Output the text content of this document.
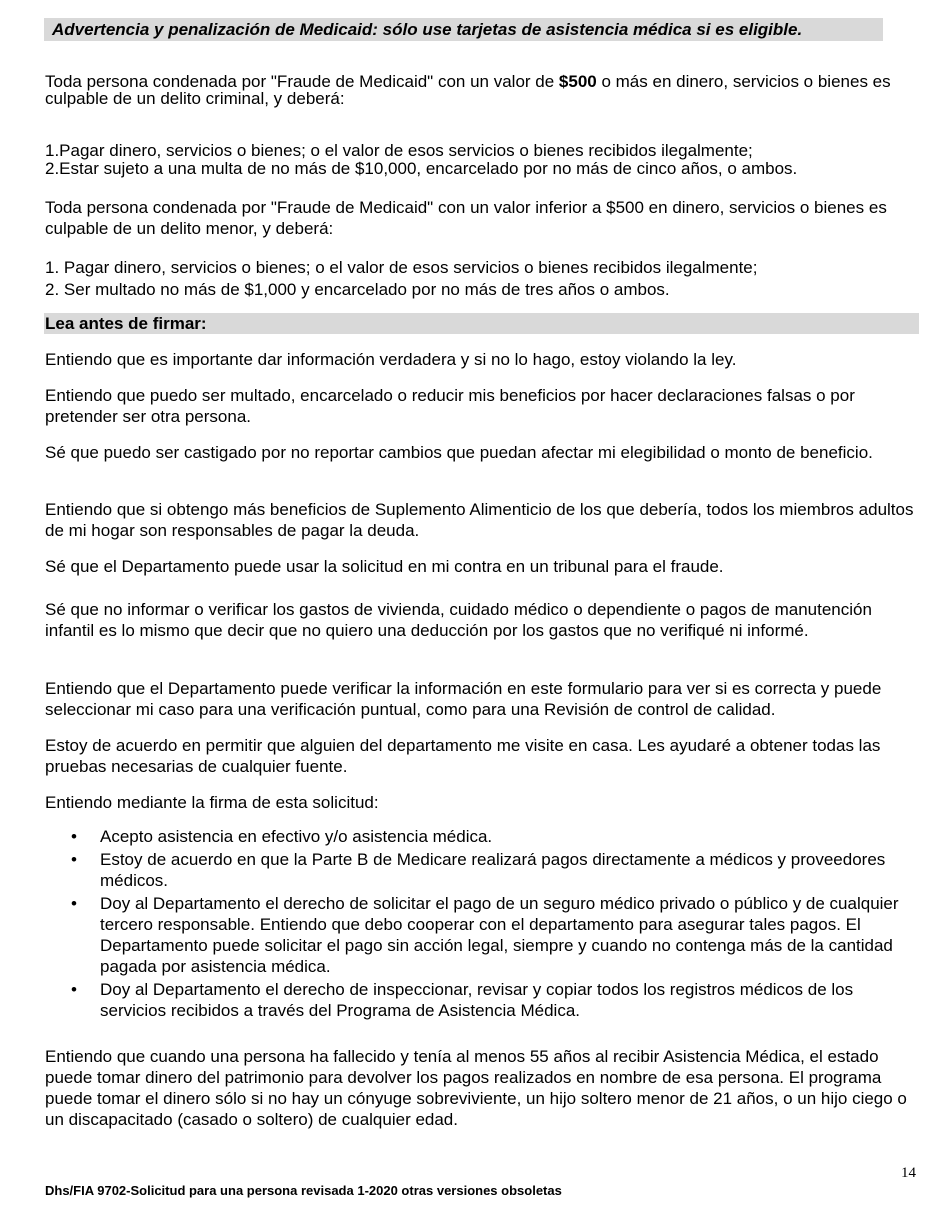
Advertencia y penalización de Medicaid: sólo use tarjetas de asistencia médica si es eligible.

Toda persona condenada por "Fraude de Medicaid" con un valor de $500 o más en dinero, servicios o bienes es culpable de un delito criminal, y deberá:

1.Pagar dinero, servicios o bienes; o el valor de esos servicios o bienes recibidos ilegalmente;

2.Estar sujeto a una multa de no más de $10,000, encarcelado por no más de cinco años, o ambos.

Toda persona condenada por "Fraude de Medicaid" con un valor inferior a $500 en dinero, servicios o bienes es culpable de un delito menor, y deberá:

1. Pagar dinero, servicios o bienes; o el valor de esos servicios o bienes recibidos ilegalmente;

2. Ser multado no más de $1,000 y encarcelado por no más de tres años o ambos.

Lea antes de firmar:

Entiendo que es importante dar información verdadera y si no lo hago, estoy violando la ley.

Entiendo que puedo ser multado, encarcelado o reducir mis beneficios por hacer declaraciones falsas o por pretender ser otra persona.

Sé que puedo ser castigado por no reportar cambios que puedan afectar mi elegibilidad o monto de beneficio.

Entiendo que si obtengo más beneficios de Suplemento Alimenticio de los que debería, todos los miembros adultos de mi hogar son responsables de pagar la deuda.

Sé que el Departamento puede usar la solicitud en mi contra en un tribunal para el fraude.

Sé que no informar o verificar los gastos de vivienda, cuidado médico o dependiente o pagos de manutención infantil es lo mismo que decir que no quiero una deducción por los gastos que no verifiqué ni informé.

Entiendo que el Departamento puede verificar la información en este formulario para ver si es correcta y puede seleccionar mi caso para una verificación puntual, como para una Revisión de control de calidad.

Estoy de acuerdo en permitir que alguien del departamento me visite en casa. Les ayudaré a obtener todas las pruebas necesarias de cualquier fuente.

Entiendo mediante la firma de esta solicitud:

• Acepto asistencia en efectivo y/o asistencia médica.
• Estoy de acuerdo en que la Parte B de Medicare realizará pagos directamente a médicos y proveedores médicos.
• Doy al Departamento el derecho de solicitar el pago de un seguro médico privado o público y de cualquier tercero responsable. Entiendo que debo cooperar con el departamento para asegurar tales pagos. El Departamento puede solicitar el pago sin acción legal, siempre y cuando no contenga más de la cantidad pagada por asistencia médica.
• Doy al Departamento el derecho de inspeccionar, revisar y copiar todos los registros médicos de los servicios recibidos a través del Programa de Asistencia Médica.

Entiendo que cuando una persona ha fallecido y tenía al menos 55 años al recibir Asistencia Médica, el estado puede tomar dinero del patrimonio para devolver los pagos realizados en nombre de esa persona. El programa puede tomar el dinero sólo si no hay un cónyuge sobreviviente, un hijo soltero menor de 21 años, o un hijo ciego o un discapacitado (casado o soltero) de cualquier edad.

14
Dhs/FIA 9702-Solicitud para una persona revisada 1-2020 otras versiones obsoletas
